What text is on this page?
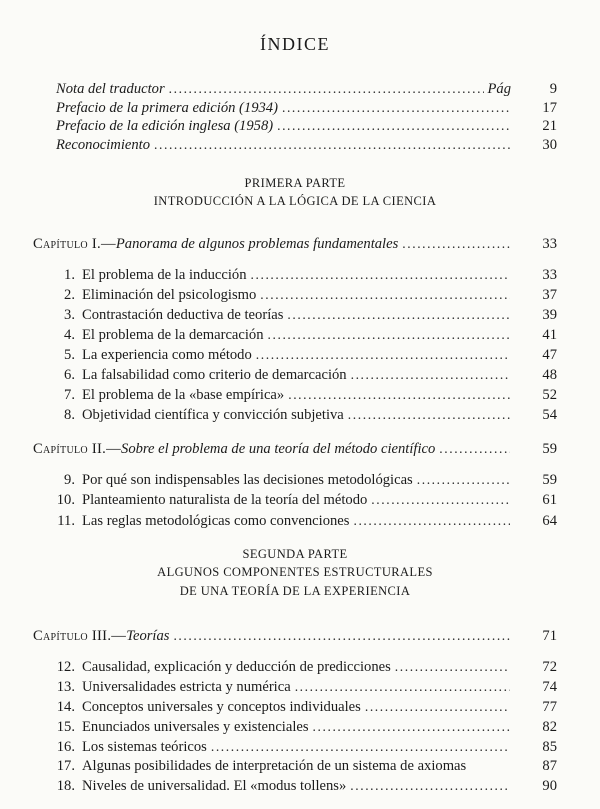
ÍNDICE
Nota del traductor .....	Pág	9
Prefacio de la primera edición (1934) .....	17
Prefacio de la edición inglesa (1958) .....	21
Reconocimiento .....	30
PRIMERA PARTE
INTRODUCCIÓN A LA LÓGICA DE LA CIENCIA
Capítulo I.— Panorama de algunos problemas fundamentales .....	33
1. El problema de la inducción .....	33
2. Eliminación del psicologismo .....	37
3. Contrastación deductiva de teorías .....	39
4. El problema de la demarcación .....	41
5. La experiencia como método .....	47
6. La falsabilidad como criterio de demarcación .....	48
7. El problema de la «base empírica» .....	52
8. Objetividad científica y convicción subjetiva .....	54
Capítulo II.— Sobre el problema de una teoría del método científico .....	59
9. Por qué son indispensables las decisiones metodológicas .....	59
10. Planteamiento naturalista de la teoría del método .....	61
11. Las reglas metodológicas como convenciones .....	64
SEGUNDA PARTE
ALGUNOS COMPONENTES ESTRUCTURALES
DE UNA TEORÍA DE LA EXPERIENCIA
Capítulo III.— Teorías .....	71
12. Causalidad, explicación y deducción de predicciones .....	72
13. Universalidades estricta y numérica .....	74
14. Conceptos universales y conceptos individuales .....	77
15. Enunciados universales y existenciales .....	82
16. Los sistemas teóricos .....	85
17. Algunas posibilidades de interpretación de un sistema de axiomas	87
18. Niveles de universalidad. El «modus tollens» .....	90
